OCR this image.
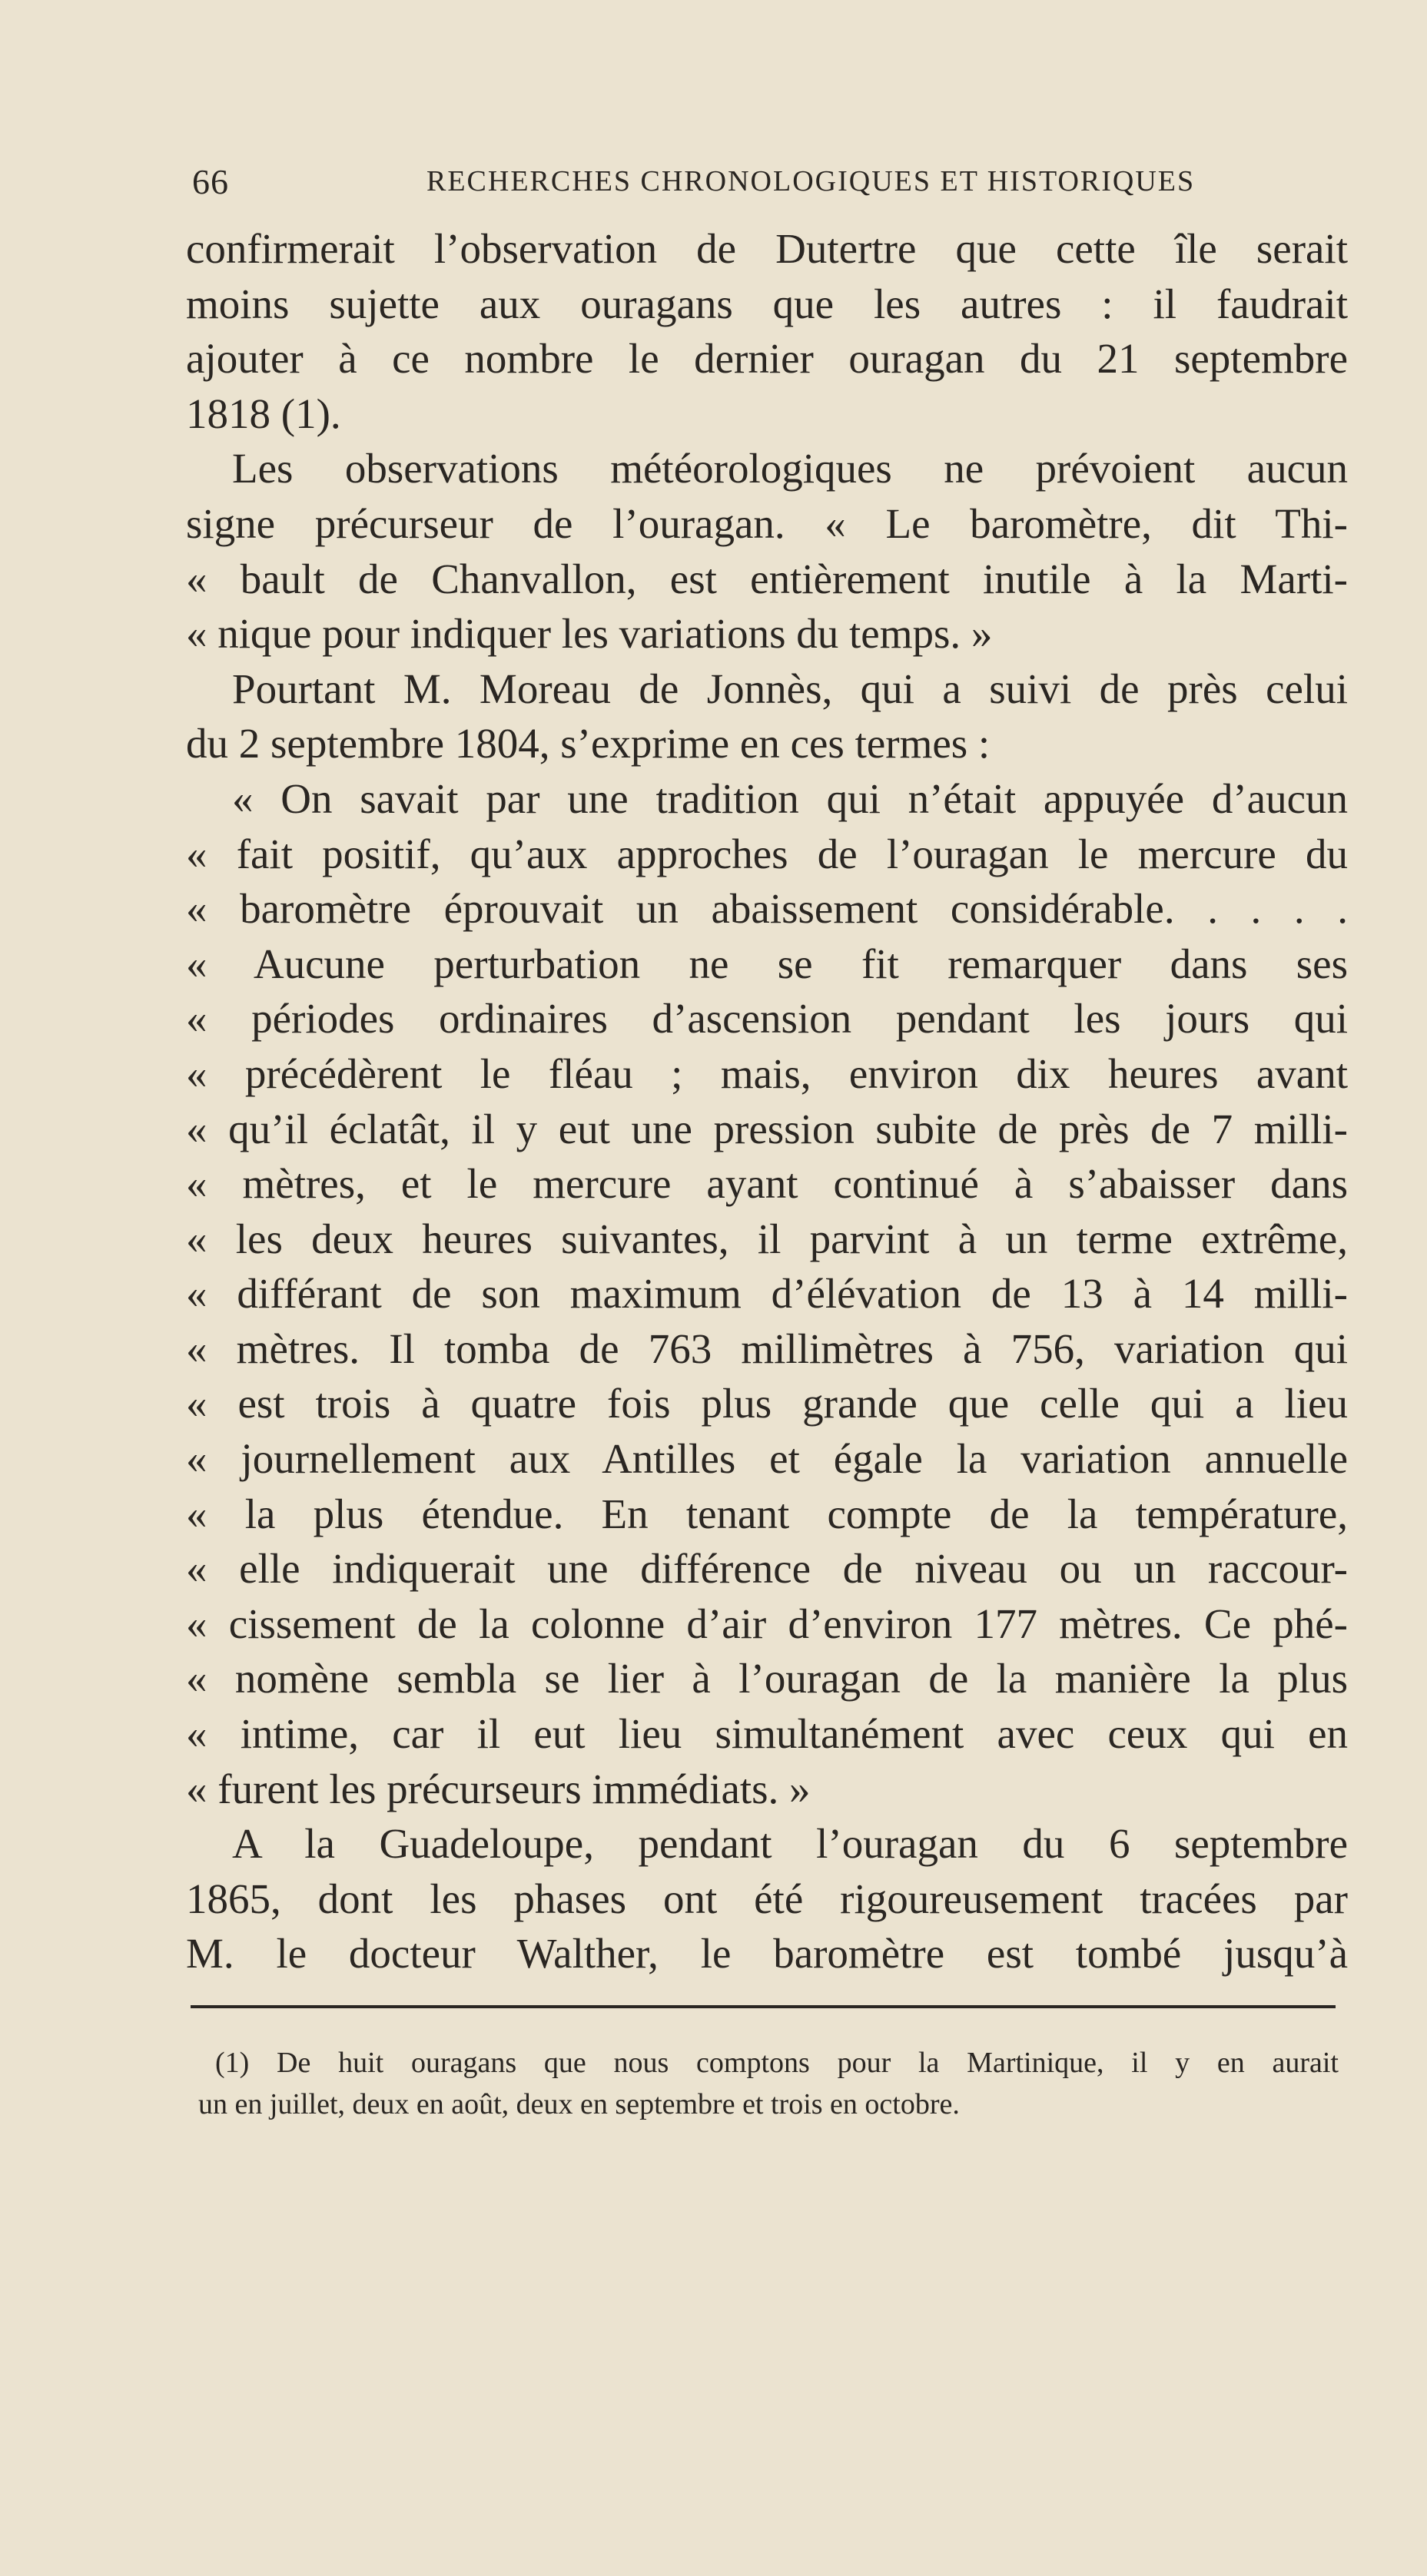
66	RECHERCHES CHRONOLOGIQUES ET HISTORIQUES
confirmerait l’observation de Dutertre que cette île serait
moins sujette aux ouragans que les autres : il faudrait
ajouter à ce nombre le dernier ouragan du 21 septembre
1818 (1).
Les observations météorologiques ne prévoient aucun
signe précurseur de l’ouragan. « Le baromètre, dit Thi-
« bault de Chanvallon, est entièrement inutile à la Marti-
« nique pour indiquer les variations du temps. »
Pourtant M. Moreau de Jonnès, qui a suivi de près celui
du 2 septembre 1804, s’exprime en ces termes :
« On savait par une tradition qui n’était appuyée d’aucun
« fait positif, qu’aux approches de l’ouragan le mercure du
« baromètre éprouvait un abaissement considérable. . . . .
« Aucune perturbation ne se fit remarquer dans ses
« périodes ordinaires d’ascension pendant les jours qui
« précédèrent le fléau ; mais, environ dix heures avant
« qu’il éclatât, il y eut une pression subite de près de 7 milli-
« mètres, et le mercure ayant continué à s’abaisser dans
« les deux heures suivantes, il parvint à un terme extrême,
« différant de son maximum d’élévation de 13 à 14 milli-
« mètres. Il tomba de 763 millimètres à 756, variation qui
« est trois à quatre fois plus grande que celle qui a lieu
« journellement aux Antilles et égale la variation annuelle
« la plus étendue. En tenant compte de la température,
« elle indiquerait une différence de niveau ou un raccour-
« cissement de la colonne d’air d’environ 177 mètres. Ce phé-
« nomène sembla se lier à l’ouragan de la manière la plus
« intime, car il eut lieu simultanément avec ceux qui en
« furent les précurseurs immédiats. »
A la Guadeloupe, pendant l’ouragan du 6 septembre
1865, dont les phases ont été rigoureusement tracées par
M. le docteur Walther, le baromètre est tombé jusqu’à
(1) De huit ouragans que nous comptons pour la Martinique, il y en aurait
un en juillet, deux en août, deux en septembre et trois en octobre.
